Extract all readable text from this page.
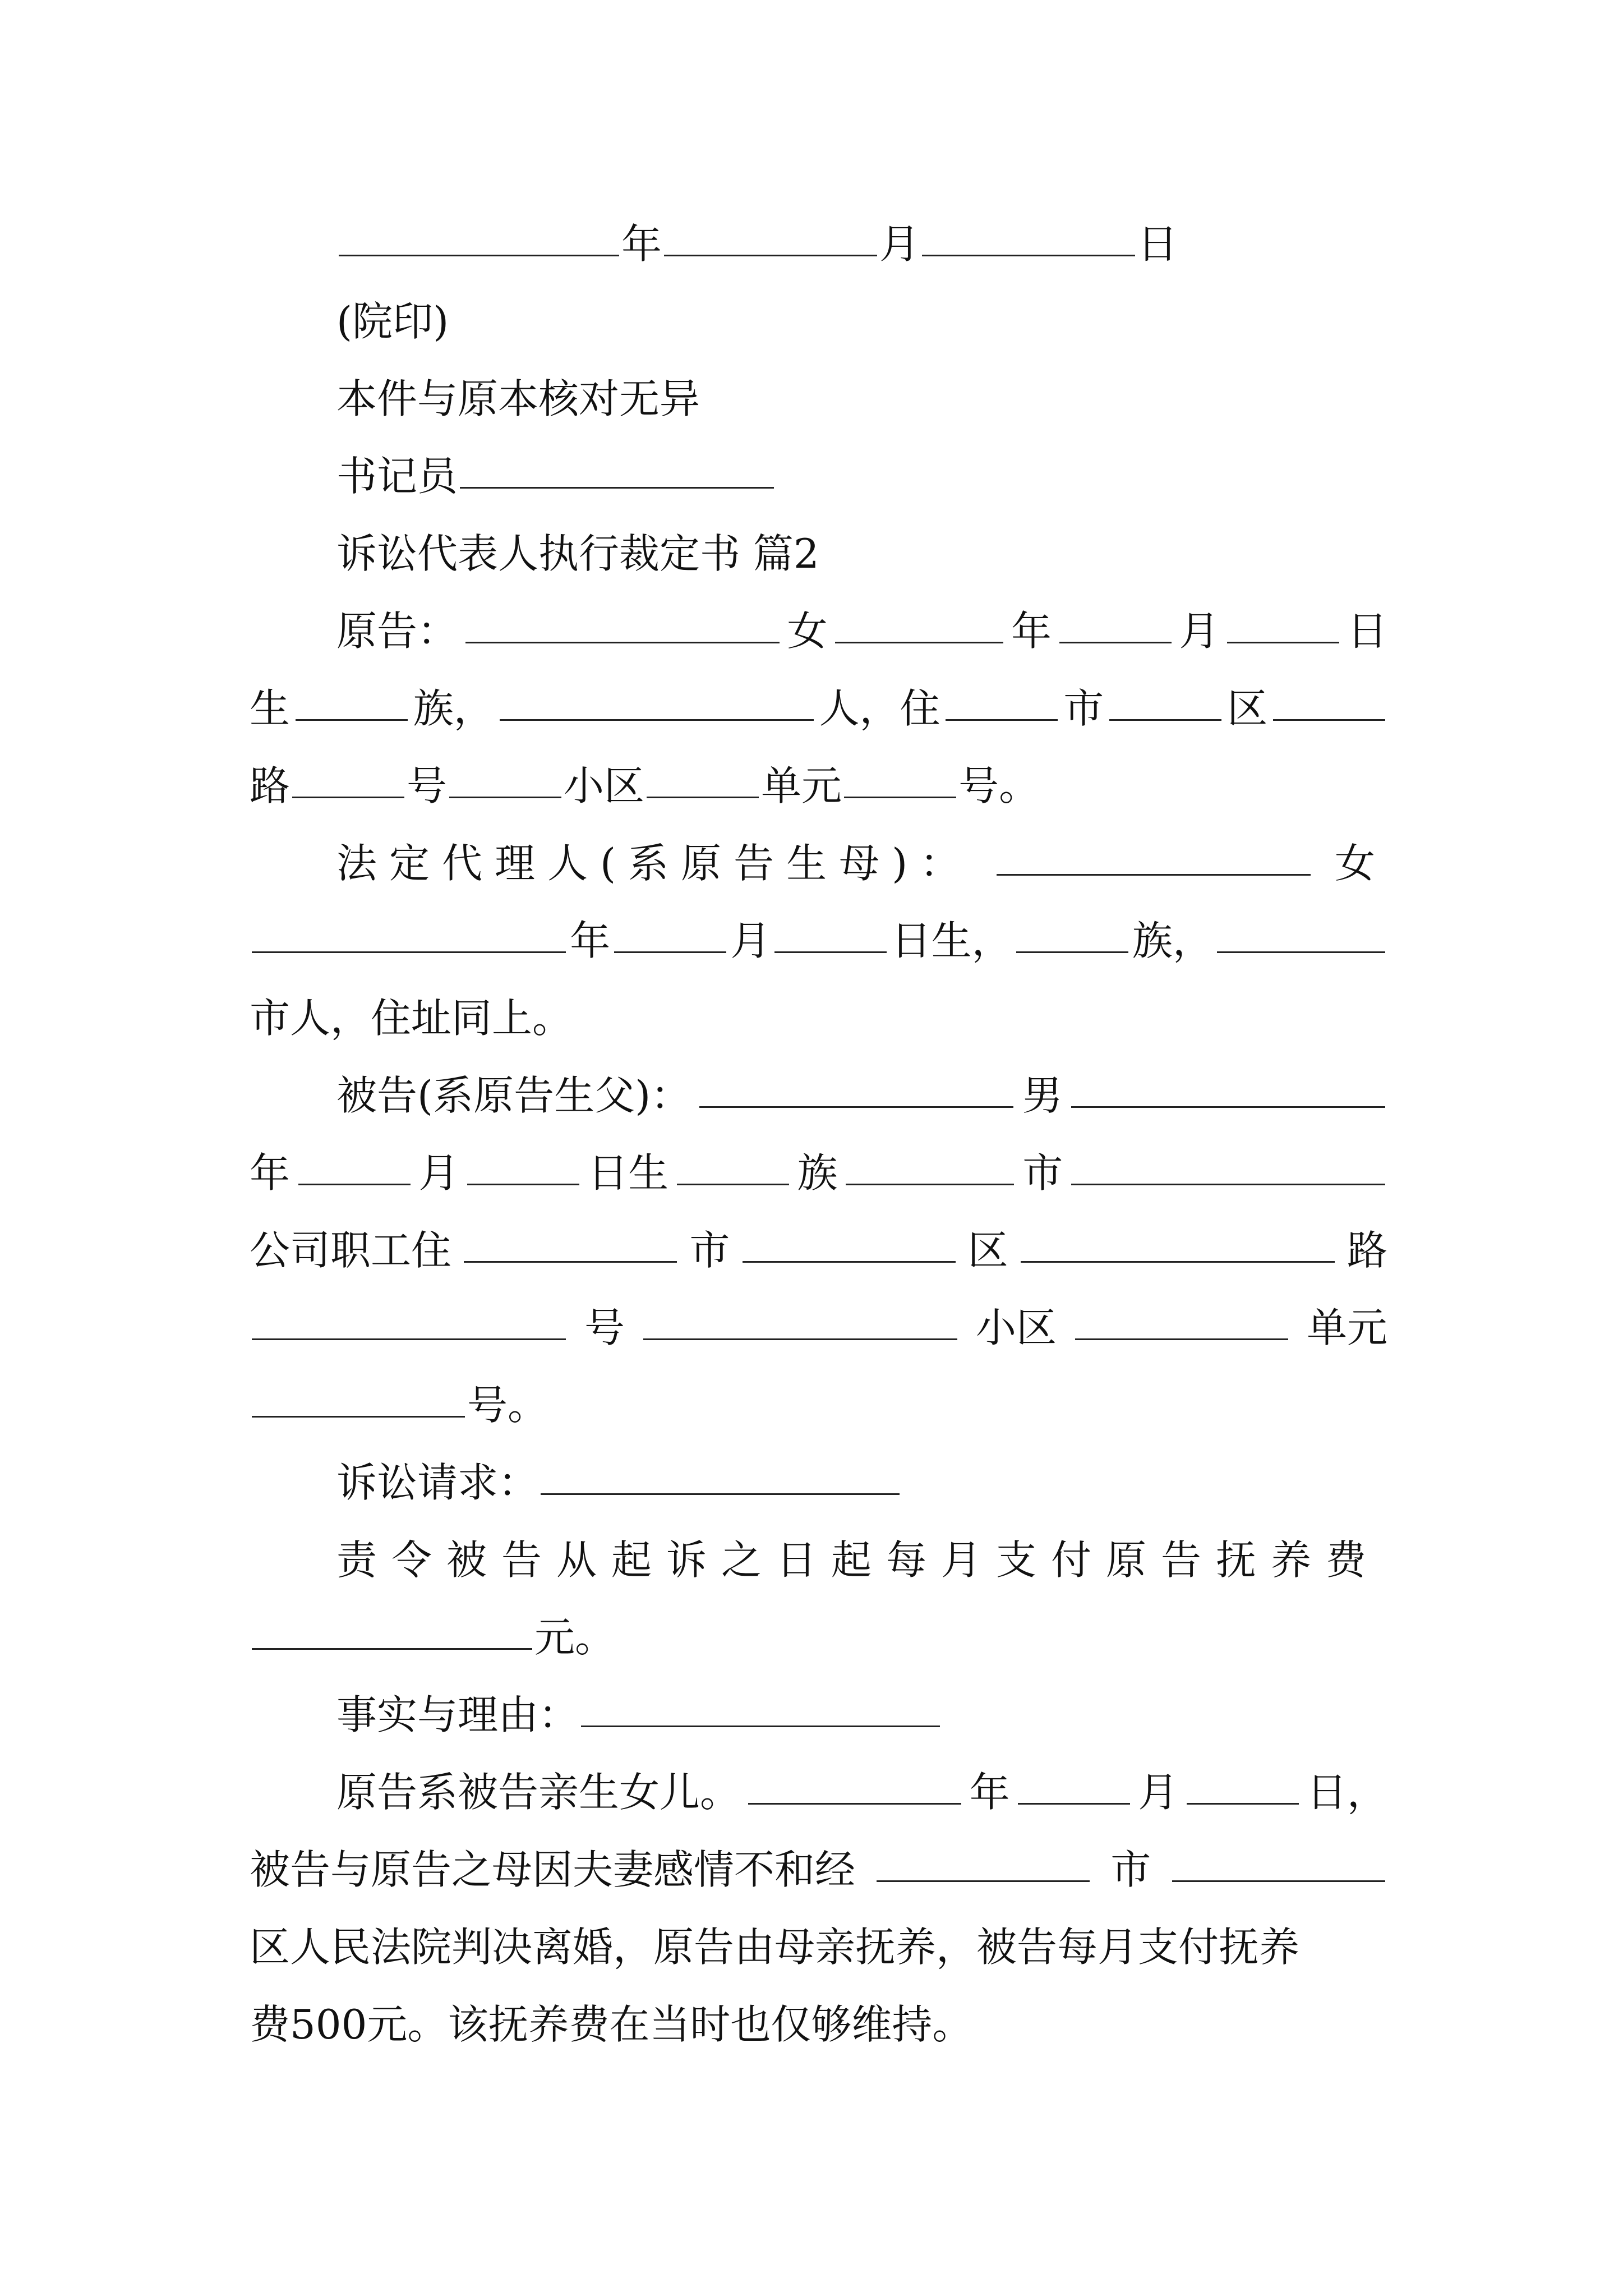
年	月	日
(院印)
本件与原本核对无异
书记员
诉讼代表人执行裁定书 篇2
原告：	女	年	月	日
生	族，	人，住	市	区
路	号	小区	单元	号。
法定代理人(系原告生母)：	女
年	月	日生，	族，
市人，住址同上。
被告(系原告生父)：	男
年	月	日生	族	市
公司职工住	市	区	路
号	小区	单元
号。
诉讼请求：
责令被告从起诉之日起每月支付原告抚养费
元。
事实与理由：
原告系被告亲生女儿。	年	月	日，
被告与原告之母因夫妻感情不和经	市
区人民法院判决离婚，原告由母亲抚养，被告每月支付抚养
费500元。该抚养费在当时也仅够维持。
